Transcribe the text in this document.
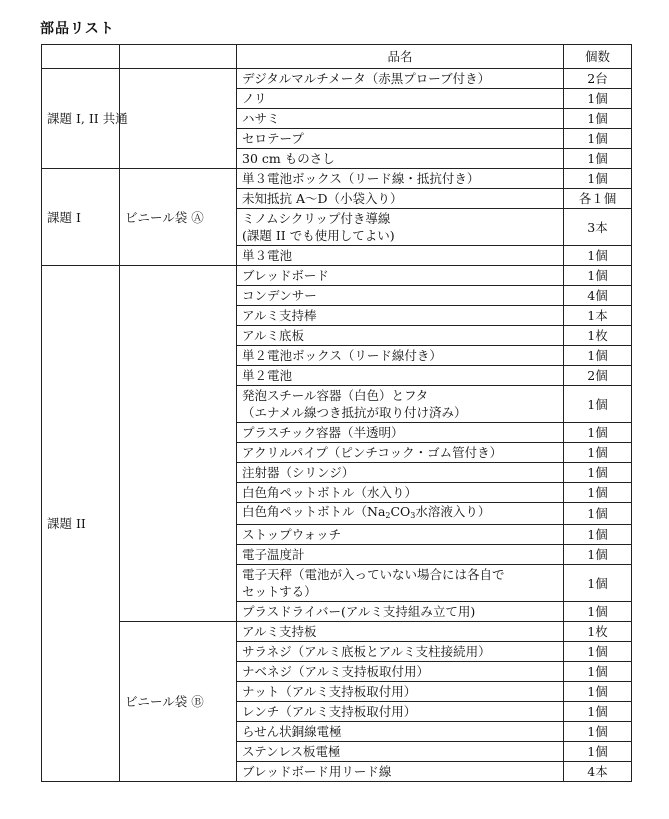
部品リスト
		品名	個数
課題 I, II 共通		デジタルマルチメータ（赤黒プローブ付き）	2台
		ノリ	1個
		ハサミ	1個
		セロテープ	1個
		30 cm ものさし	1個
課題 I	ビニール袋 Ⓐ	単３電池ボックス（リード線・抵抗付き）	1個
		未知抵抗 A～D（小袋入り）	各１個

		ミノムシクリップ付き導線
(課題 II でも使用してよい)	3本
		単３電池	1個
課題 II		ブレッドボード	1個
		コンデンサー	4個
		アルミ支持棒	1本
		アルミ底板	1枚
		単２電池ボックス（リード線付き）	1個
		単２電池	2個

		発泡スチール容器（白色）とフタ
（エナメル線つき抵抗が取り付け済み）	1個
		プラスチック容器（半透明）	1個
		アクリルパイプ（ピンチコック・ゴム管付き）	1個
		注射器（シリンジ）	1個
		白色角ペットボトル（水入り）	1個
		白色角ペットボトル（$Na_2CO_3$水溶液入り）	1個
		ストップウォッチ	1個
		電子温度計	1個

		電子天秤（電池が入っていない場合には各自で
セットする）	1個
		プラスドライバー(アルミ支持組み立て用)	1個
	ビニール袋 Ⓑ	アルミ支持板	1枚
		サラネジ（アルミ底板とアルミ支柱接続用）	1個
		ナベネジ（アルミ支持板取付用）	1個
		ナット（アルミ支持板取付用）	1個
		レンチ（アルミ支持板取付用）	1個
		らせん状銅線電極	1個
		ステンレス板電極	1個
		ブレッドボード用リード線	4本
